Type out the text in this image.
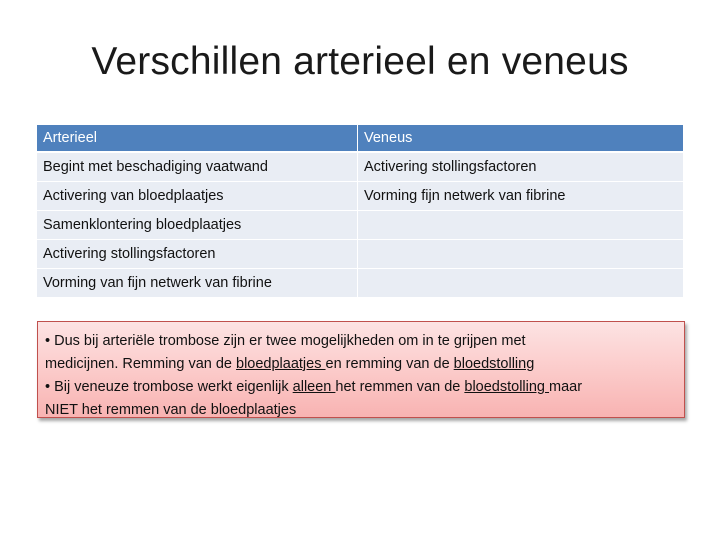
Verschillen arterieel en veneus
Arterieel	Veneus
Begint met beschadiging vaatwand	Activering stollingsfactoren
Activering van bloedplaatjes	Vorming fijn netwerk van fibrine
Samenklontering bloedplaatjes	
Activering stollingsfactoren	
Vorming van fijn netwerk van fibrine	
• Dus bij arteriële trombose zijn er twee mogelijkheden om in te grijpen met
medicijnen. Remming van de bloedplaatjes en remming van de bloedstolling
• Bij veneuze trombose werkt eigenlijk alleen het remmen van de bloedstolling maar
NIET het remmen van de bloedplaatjes
